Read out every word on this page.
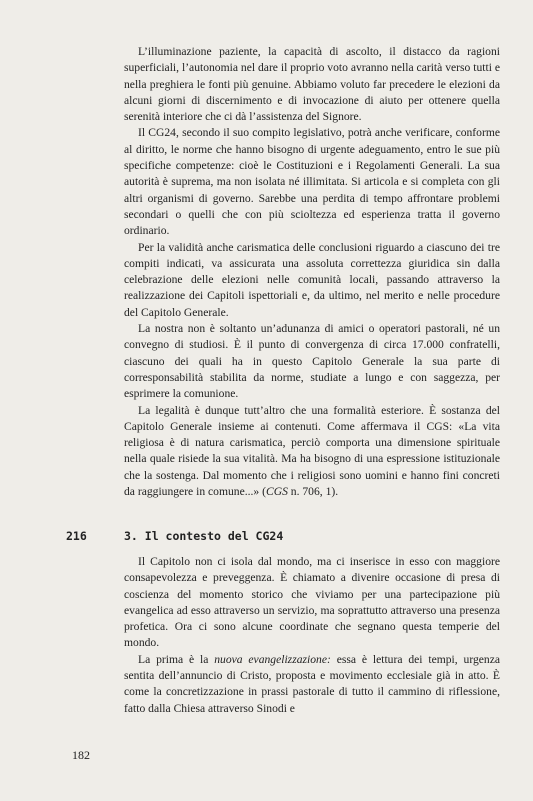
L’illuminazione paziente, la capacità di ascolto, il distacco da ragioni superficiali, l’autonomia nel dare il proprio voto avranno nella carità verso tutti e nella preghiera le fonti più genuine. Abbiamo voluto far precedere le elezioni da alcuni giorni di discernimento e di invocazione di aiuto per ottenere quella serenità interiore che ci dà l’assistenza del Signore.

Il CG24, secondo il suo compito legislativo, potrà anche verificare, conforme al diritto, le norme che hanno bisogno di urgente adeguamento, entro le sue più specifiche competenze: cioè le Costituzioni e i Regolamenti Generali. La sua autorità è suprema, ma non isolata né illimitata. Si articola e si completa con gli altri organismi di governo. Sarebbe una perdita di tempo affrontare problemi secondari o quelli che con più scioltezza ed esperienza tratta il governo ordinario.

Per la validità anche carismatica delle conclusioni riguardo a ciascuno dei tre compiti indicati, va assicurata una assoluta correttezza giuridica sin dalla celebrazione delle elezioni nelle comunità locali, passando attraverso la realizzazione dei Capitoli ispettoriali e, da ultimo, nel merito e nelle procedure del Capitolo Generale.

La nostra non è soltanto un’adunanza di amici o operatori pastorali, né un convegno di studiosi. È il punto di convergenza di circa 17.000 confratelli, ciascuno dei quali ha in questo Capitolo Generale la sua parte di corresponsabilità stabilita da norme, studiate a lungo e con saggezza, per esprimere la comunione.

La legalità è dunque tutt’altro che una formalità esteriore. È sostanza del Capitolo Generale insieme ai contenuti. Come affermava il CGS: «La vita religiosa è di natura carismatica, perciò comporta una dimensione spirituale nella quale risiede la sua vitalità. Ma ha bisogno di una espressione istituzionale che la sostenga. Dal momento che i religiosi sono uomini e hanno fini concreti da raggiungere in comune...» (CGS n. 706, 1).

216	3. Il contesto del CG24

Il Capitolo non ci isola dal mondo, ma ci inserisce in esso con maggiore consapevolezza e preveggenza. È chiamato a divenire occasione di presa di coscienza del momento storico che viviamo per una partecipazione più evangelica ad esso attraverso un servizio, ma soprattutto attraverso una presenza profetica. Ora ci sono alcune coordinate che segnano questa temperie del mondo.

La prima è la nuova evangelizzazione: essa è lettura dei tempi, urgenza sentita dell’annuncio di Cristo, proposta e movimento ecclesiale già in atto. È come la concretizzazione in prassi pastorale di tutto il cammino di riflessione, fatto dalla Chiesa attraverso Sinodi e

182
